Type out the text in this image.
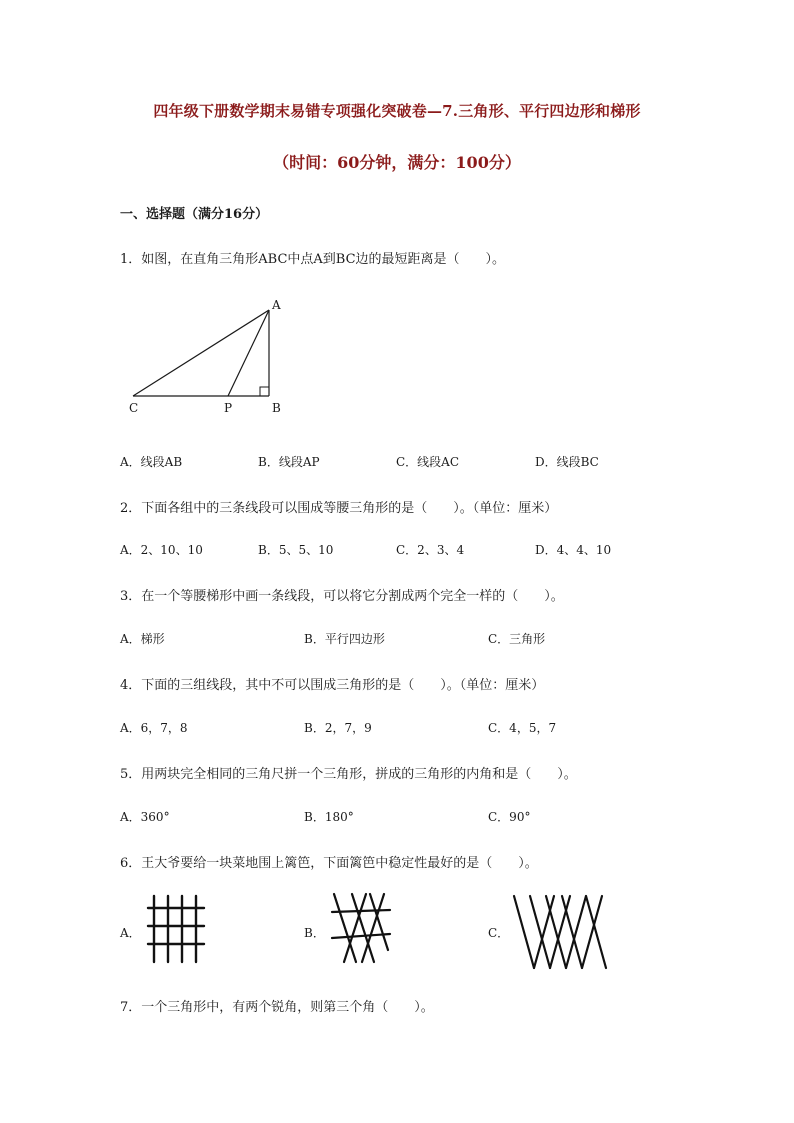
四年级下册数学期末易错专项强化突破卷—7.三角形、平行四边形和梯形
（时间：60分钟，满分：100分）
一、选择题（满分16分）
1．如图，在直角三角形ABC中点A到BC边的最短距离是（　　）。
A
B
C	P
A．线段AB	B．线段AP	C．线段AC	D．线段BC
2．下面各组中的三条线段可以围成等腰三角形的是（　　）。（单位：厘米）
A．2、10、10	B．5、5、10	C．2、3、4	D．4、4、10
3．在一个等腰梯形中画一条线段，可以将它分割成两个完全一样的（　　）。
A．梯形	B．平行四边形	C．三角形
4．下面的三组线段，其中不可以围成三角形的是（　　）。（单位：厘米）
A．6，7，8	B．2，7，9	C．4，5，7
5．用两块完全相同的三角尺拼一个三角形，拼成的三角形的内角和是（　　）。
A．360°	B．180°	C．90°
6．王大爷要给一块菜地围上篱笆，下面篱笆中稳定性最好的是（　　）。
A．	B．	C．
7．一个三角形中，有两个锐角，则第三个角（　　）。
